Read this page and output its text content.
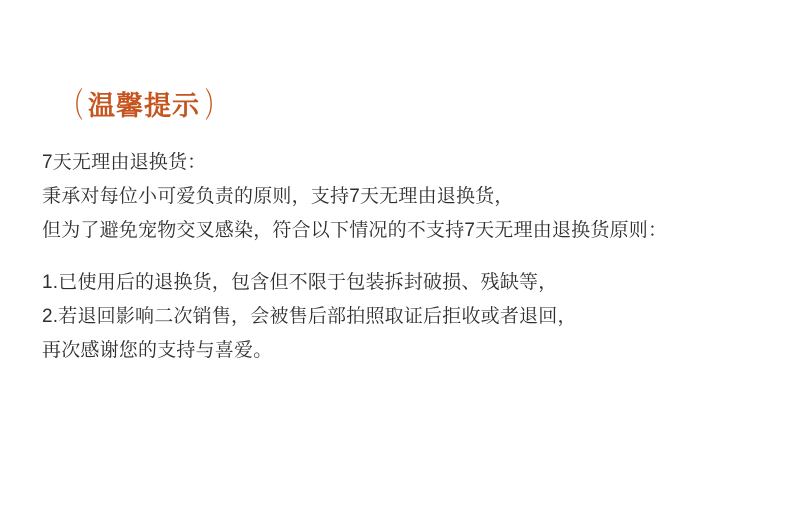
（ 温馨提示 ）

7天无理由退换货：

秉承对每位小可爱负责的原则，支持7天无理由退换货，

但为了避免宠物交叉感染，符合以下情况的不支持7天无理由退换货原则：

1.已使用后的退换货，包含但不限于包装拆封破损、残缺等，

2.若退回影响二次销售，会被售后部拍照取证后拒收或者退回，

再次感谢您的支持与喜爱。
